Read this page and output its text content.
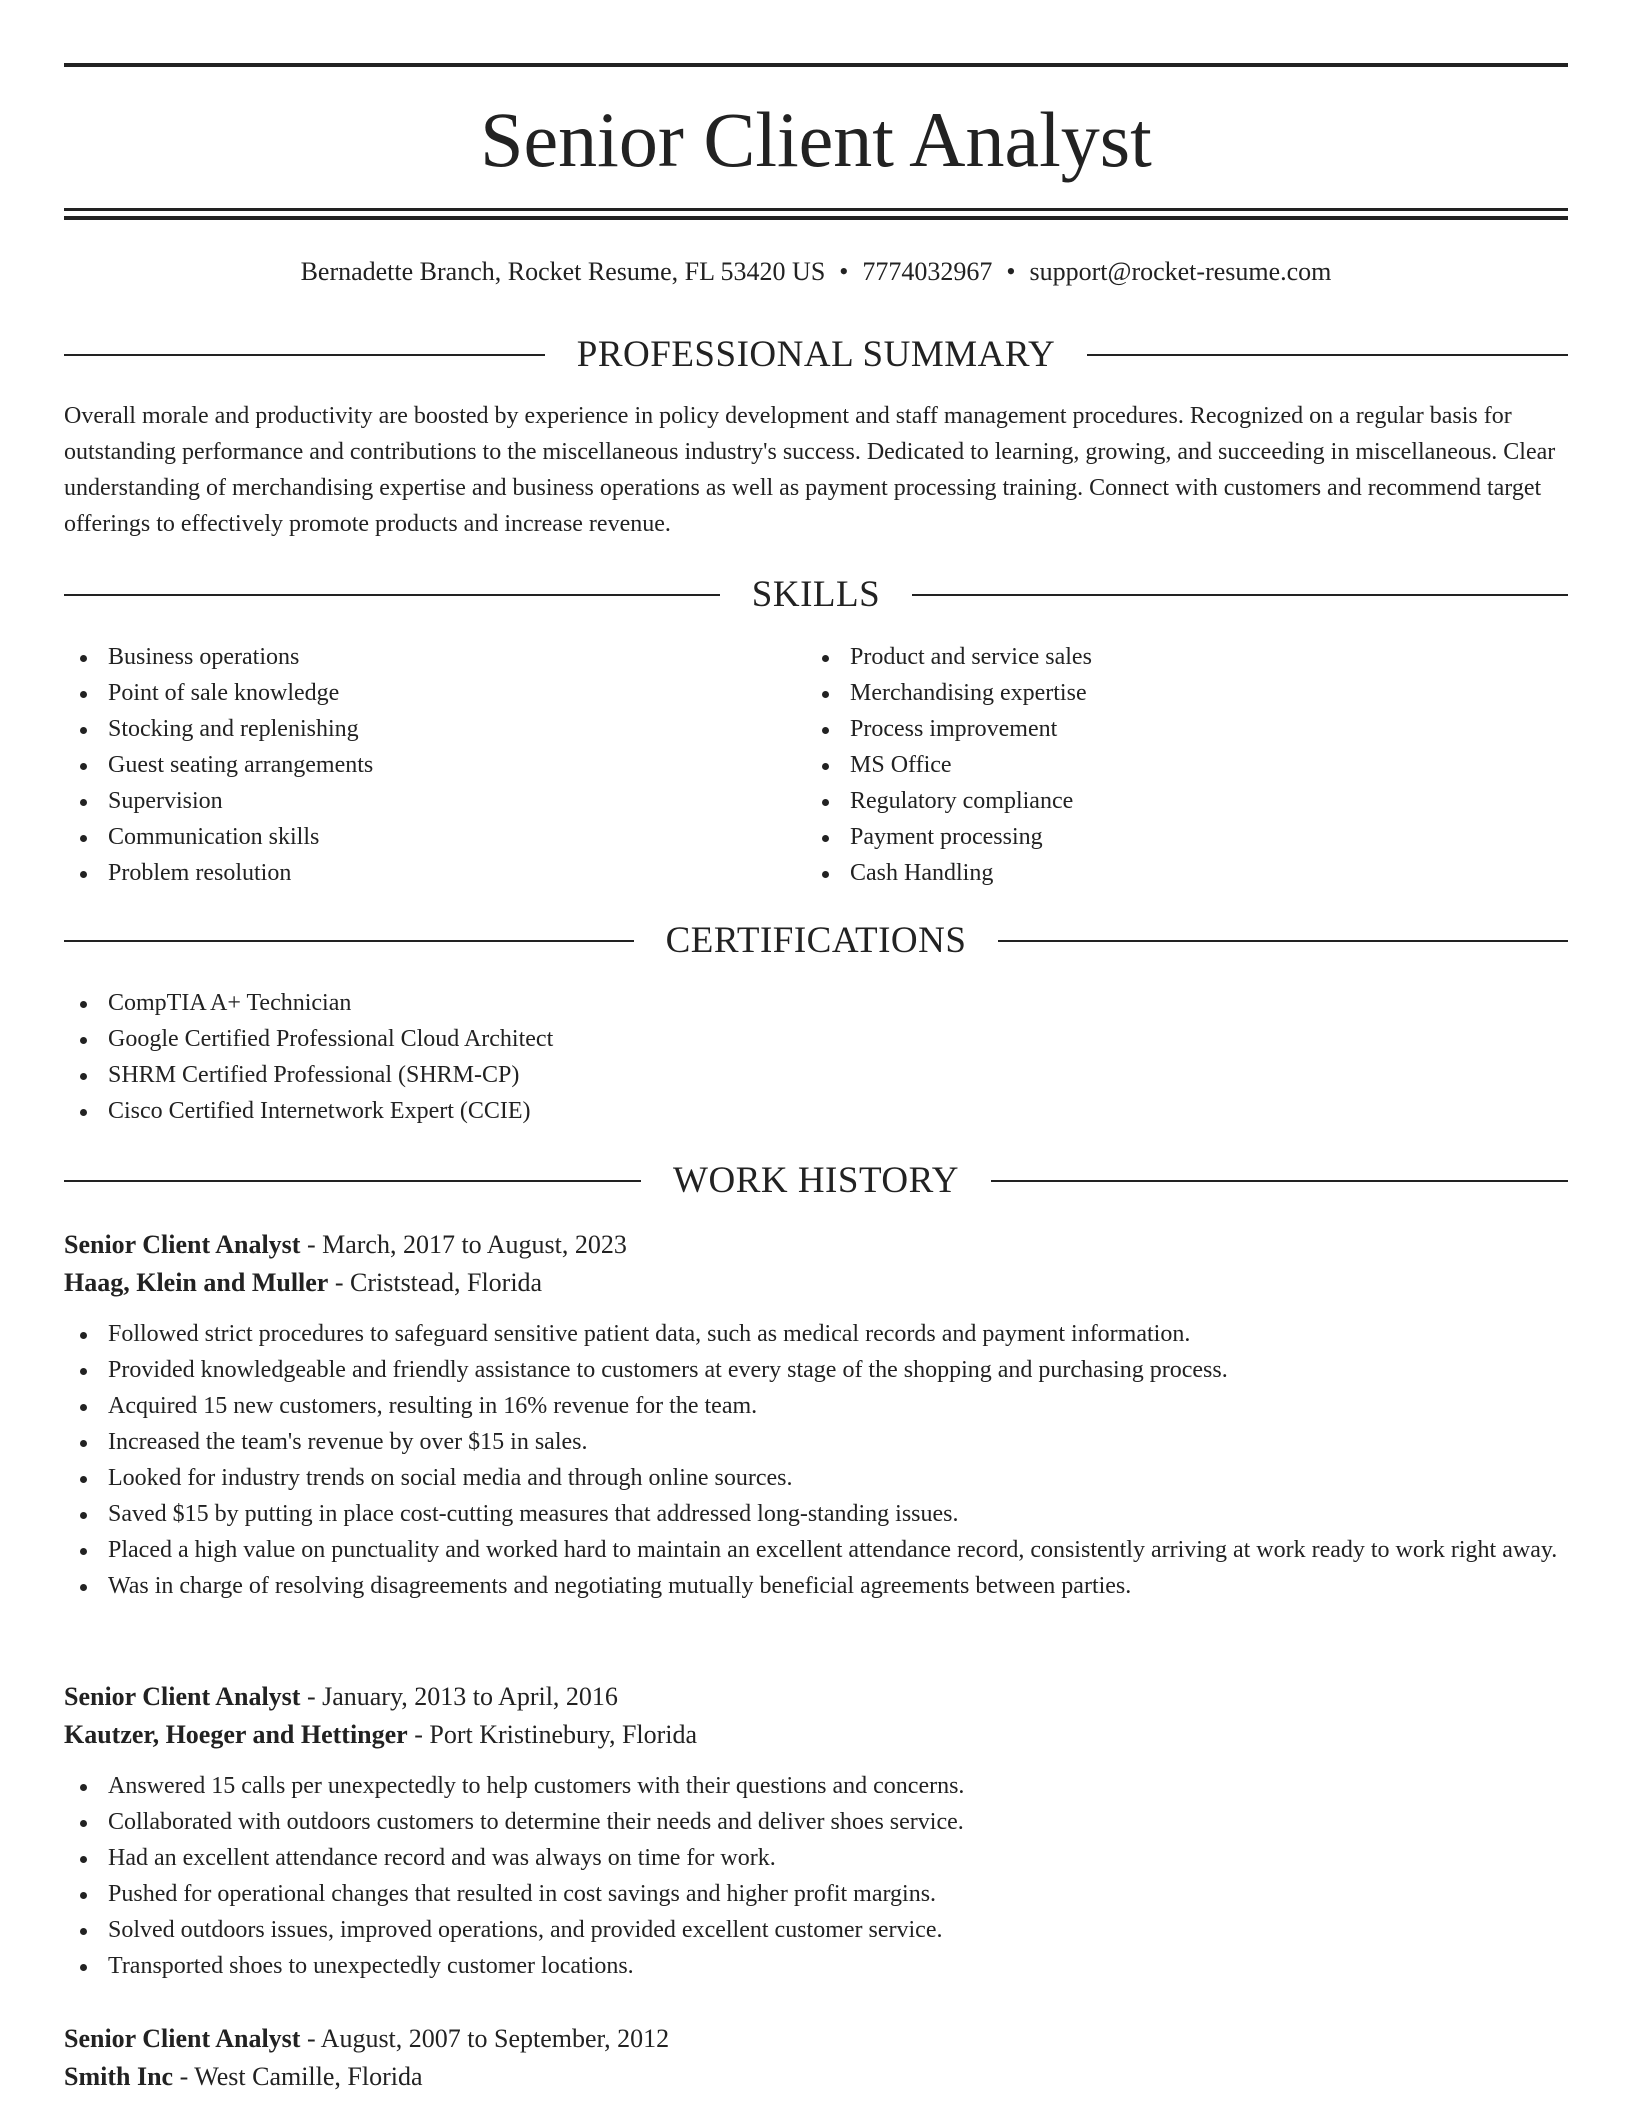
Senior Client Analyst
Bernadette Branch, Rocket Resume, FL 53420 US • 7774032967 • support@rocket-resume.com
PROFESSIONAL SUMMARY

Overall morale and productivity are boosted by experience in policy development and staff management procedures. Recognized on a regular basis for outstanding performance and contributions to the miscellaneous industry's success. Dedicated to learning, growing, and succeeding in miscellaneous. Clear understanding of merchandising expertise and business operations as well as payment processing training. Connect with customers and recommend target offerings to effectively promote products and increase revenue.

SKILLS
Business operations
Point of sale knowledge
Stocking and replenishing
Guest seating arrangements
Supervision
Communication skills
Problem resolution
Product and service sales
Merchandising expertise
Process improvement
MS Office
Regulatory compliance
Payment processing
Cash Handling
CERTIFICATIONS
CompTIA A+ Technician
Google Certified Professional Cloud Architect
SHRM Certified Professional (SHRM-CP)
Cisco Certified Internetwork Expert (CCIE)
WORK HISTORY
Senior Client Analyst - March, 2017 to August, 2023
Haag, Klein and Muller - Criststead, Florida
Followed strict procedures to safeguard sensitive patient data, such as medical records and payment information.
Provided knowledgeable and friendly assistance to customers at every stage of the shopping and purchasing process.
Acquired 15 new customers, resulting in 16% revenue for the team.
Increased the team's revenue by over $15 in sales.
Looked for industry trends on social media and through online sources.
Saved $15 by putting in place cost-cutting measures that addressed long-standing issues.
Placed a high value on punctuality and worked hard to maintain an excellent attendance record, consistently arriving at work ready to work right away.
Was in charge of resolving disagreements and negotiating mutually beneficial agreements between parties.
Senior Client Analyst - January, 2013 to April, 2016
Kautzer, Hoeger and Hettinger - Port Kristinebury, Florida
Answered 15 calls per unexpectedly to help customers with their questions and concerns.
Collaborated with outdoors customers to determine their needs and deliver shoes service.
Had an excellent attendance record and was always on time for work.
Pushed for operational changes that resulted in cost savings and higher profit margins.
Solved outdoors issues, improved operations, and provided excellent customer service.
Transported shoes to unexpectedly customer locations.
Senior Client Analyst - August, 2007 to September, 2012
Smith Inc - West Camille, Florida
